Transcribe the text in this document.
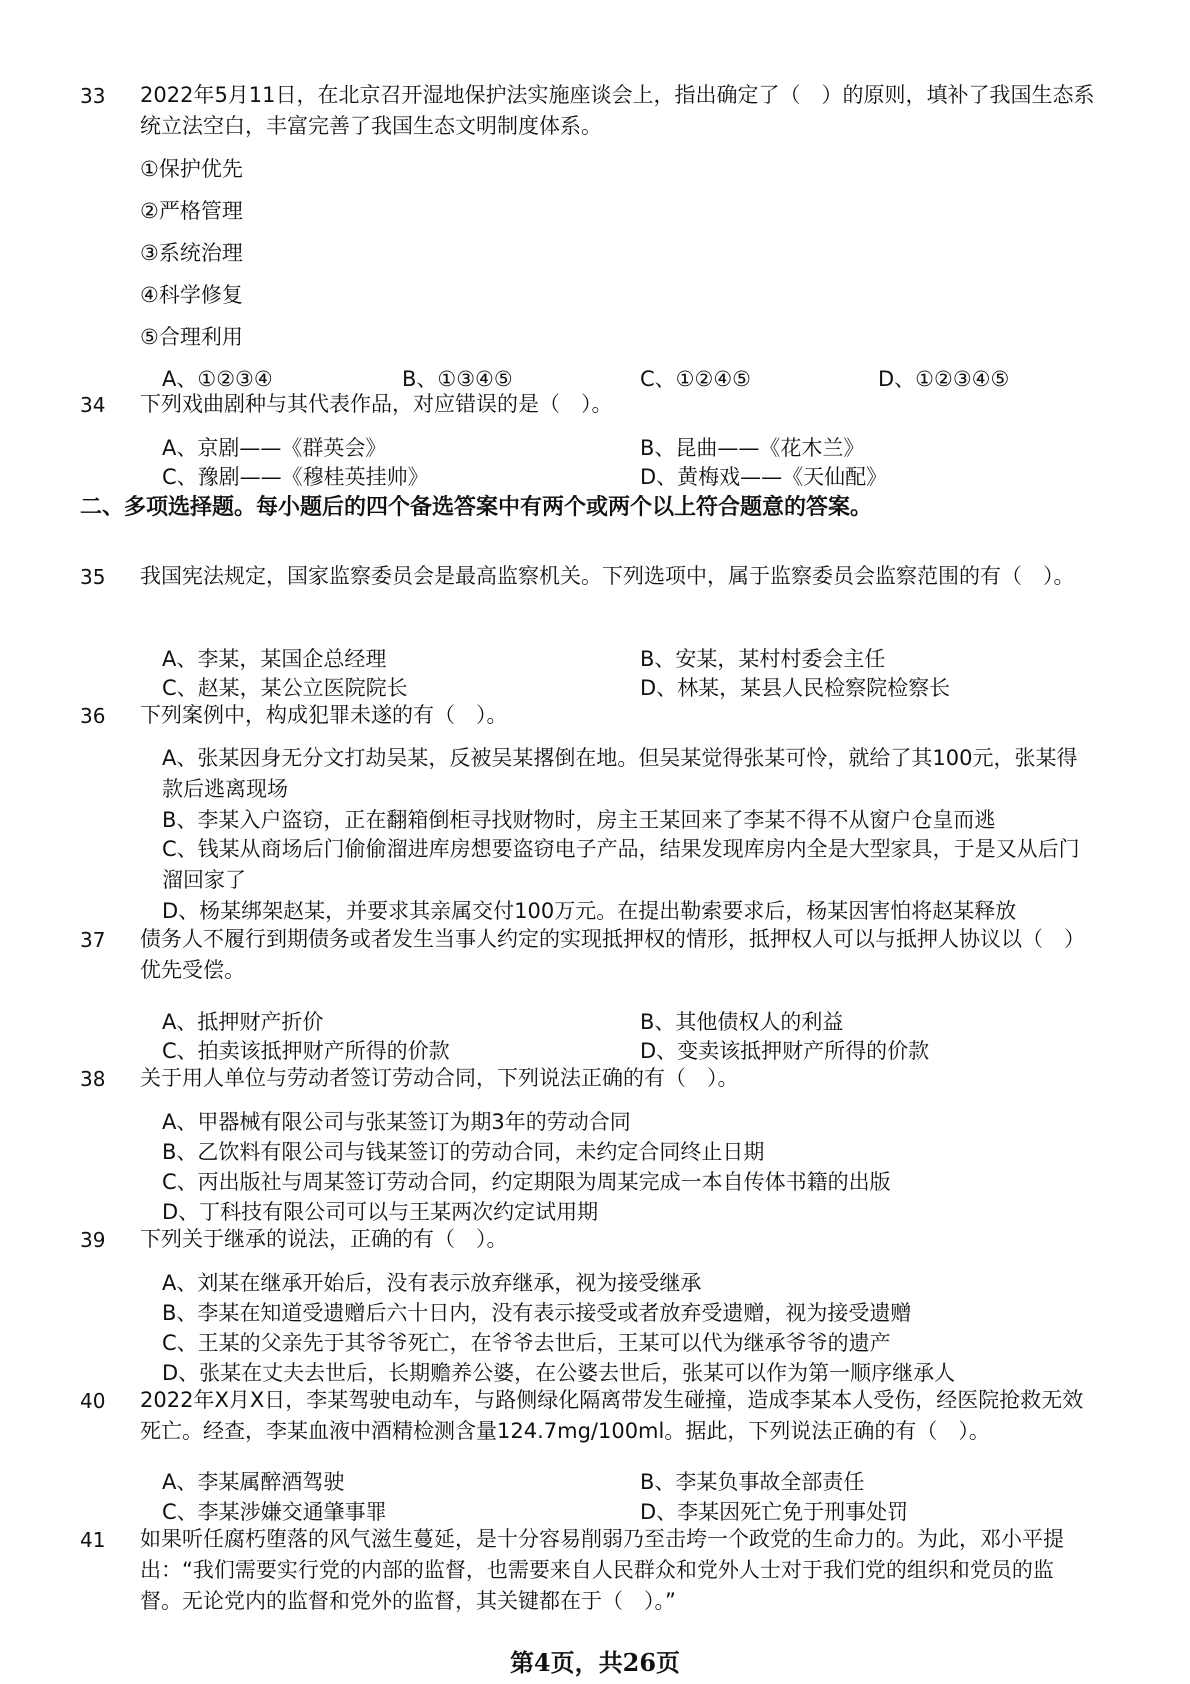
33	2022年5月11日，在北京召开湿地保护法实施座谈会上，指出确定了（　）的原则，填补了我国生态系统立法空白，丰富完善了我国生态文明制度体系。
①保护优先
②严格管理
③系统治理
④科学修复
⑤合理利用
A、①②③④	B、①③④⑤	C、①②④⑤	D、①②③④⑤
34	下列戏曲剧种与其代表作品，对应错误的是（　）。
A、京剧——《群英会》	B、昆曲——《花木兰》
C、豫剧——《穆桂英挂帅》	D、黄梅戏——《天仙配》
二、多项选择题。每小题后的四个备选答案中有两个或两个以上符合题意的答案。
35	我国宪法规定，国家监察委员会是最高监察机关。下列选项中，属于监察委员会监察范围的有（　）。
A、李某，某国企总经理	B、安某，某村村委会主任
C、赵某，某公立医院院长	D、林某，某县人民检察院检察长
36	下列案例中，构成犯罪未遂的有（　）。
A、张某因身无分文打劫吴某，反被吴某撂倒在地。但吴某觉得张某可怜，就给了其100元，张某得款后逃离现场
B、李某入户盗窃，正在翻箱倒柜寻找财物时，房主王某回来了李某不得不从窗户仓皇而逃
C、钱某从商场后门偷偷溜进库房想要盗窃电子产品，结果发现库房内全是大型家具，于是又从后门溜回家了
D、杨某绑架赵某，并要求其亲属交付100万元。在提出勒索要求后，杨某因害怕将赵某释放
37	债务人不履行到期债务或者发生当事人约定的实现抵押权的情形，抵押权人可以与抵押人协议以（　）优先受偿。
A、抵押财产折价	B、其他债权人的利益
C、拍卖该抵押财产所得的价款	D、变卖该抵押财产所得的价款
38	关于用人单位与劳动者签订劳动合同，下列说法正确的有（　）。
A、甲器械有限公司与张某签订为期3年的劳动合同
B、乙饮料有限公司与钱某签订的劳动合同，未约定合同终止日期
C、丙出版社与周某签订劳动合同，约定期限为周某完成一本自传体书籍的出版
D、丁科技有限公司可以与王某两次约定试用期
39	下列关于继承的说法，正确的有（　）。
A、刘某在继承开始后，没有表示放弃继承，视为接受继承
B、李某在知道受遗赠后六十日内，没有表示接受或者放弃受遗赠，视为接受遗赠
C、王某的父亲先于其爷爷死亡，在爷爷去世后，王某可以代为继承爷爷的遗产
D、张某在丈夫去世后，长期赡养公婆，在公婆去世后，张某可以作为第一顺序继承人
40	2022年X月X日，李某驾驶电动车，与路侧绿化隔离带发生碰撞，造成李某本人受伤，经医院抢救无效死亡。经查，李某血液中酒精检测含量124.7mg/100ml。据此，下列说法正确的有（　）。
A、李某属醉酒驾驶	B、李某负事故全部责任
C、李某涉嫌交通肇事罪	D、李某因死亡免于刑事处罚
41	如果听任腐朽堕落的风气滋生蔓延，是十分容易削弱乃至击垮一个政党的生命力的。为此，邓小平提出：“我们需要实行党的内部的监督，也需要来自人民群众和党外人士对于我们党的组织和党员的监督。无论党内的监督和党外的监督，其关键都在于（　）。”
第4页，共26页
